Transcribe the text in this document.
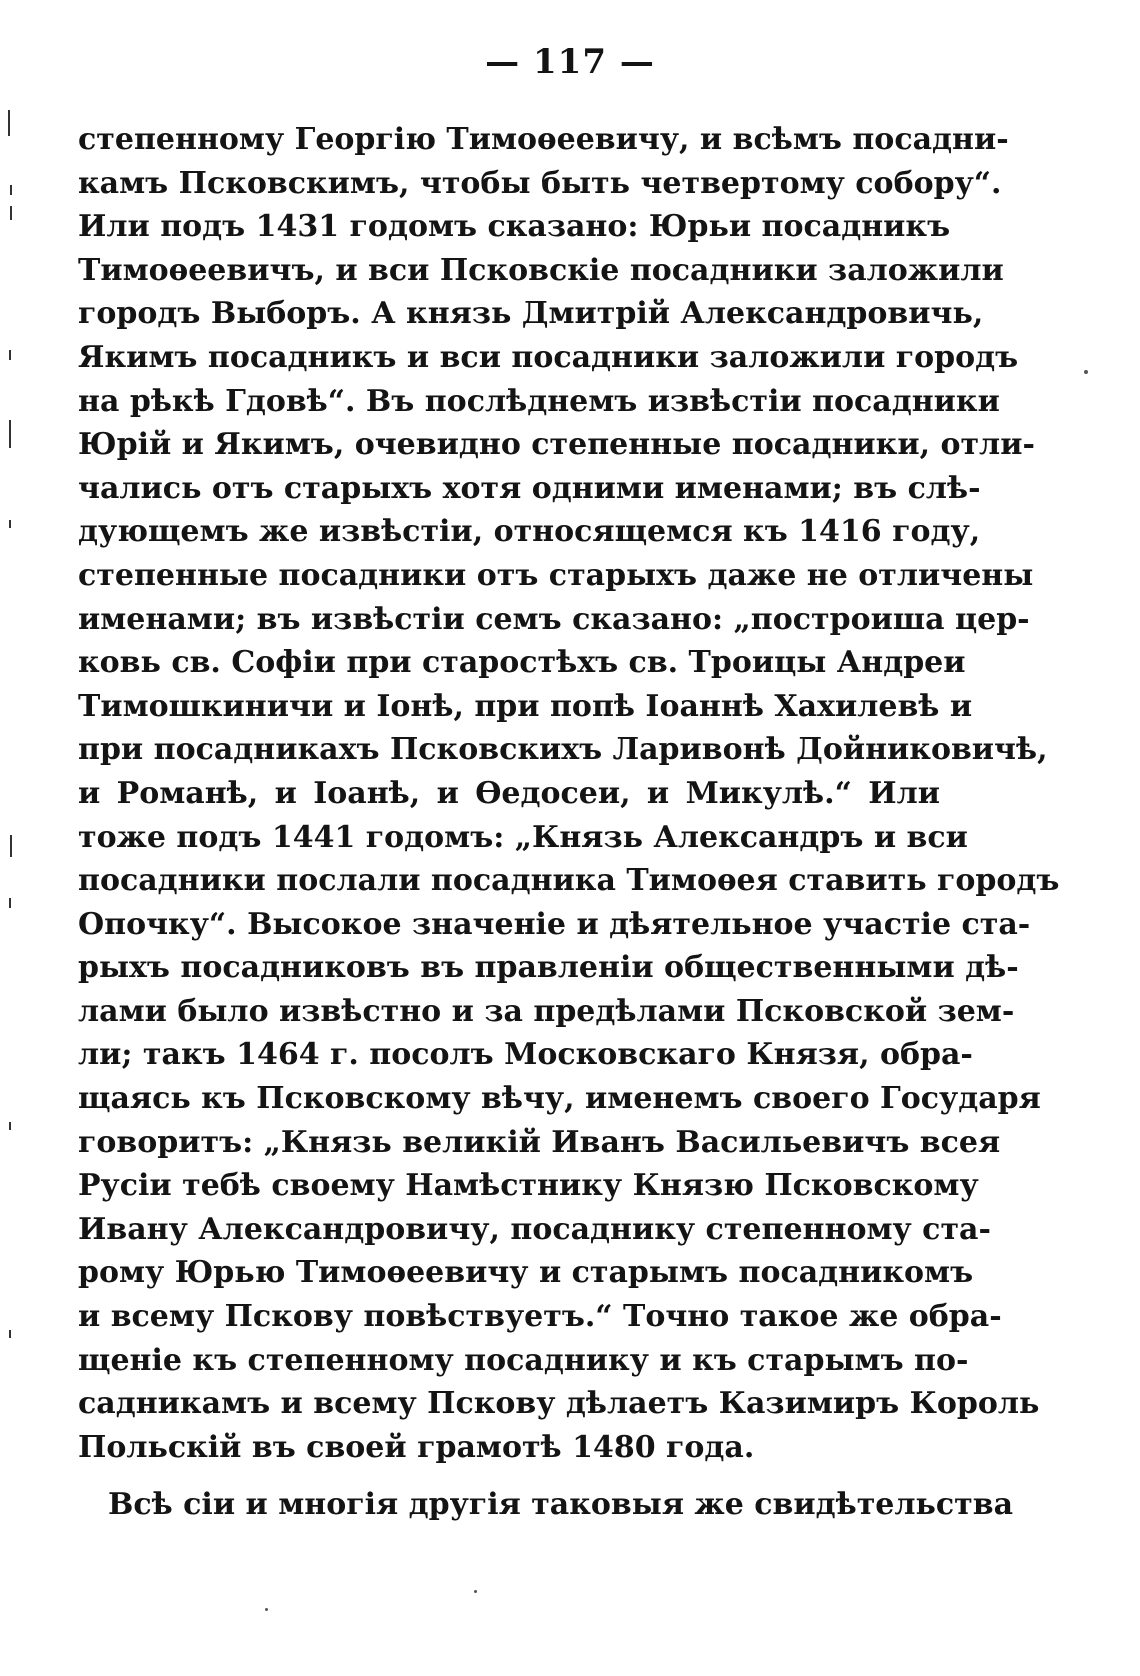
— 117 —
степенному Георгію Тимоѳеевичу, и всѣмъ посадни-
камъ Псковскимъ, чтобы быть четвертому собору“.
Или подъ 1431 годомъ сказано: Юрьи посадникъ
Тимоѳеевичъ, и вси Псковскіе посадники заложили
городъ Выборъ. А князь Дмитрій Александровичь,
Якимъ посадникъ и вси посадники заложили городъ
на рѣкѣ Гдовѣ“. Въ послѣднемъ извѣстіи посадники
Юрій и Якимъ, очевидно степенные посадники, отли-
чались отъ старыхъ хотя одними именами; въ слѣ-
дующемъ же извѣстіи, относящемся къ 1416 году,
степенные посадники отъ старыхъ даже не отличены
именами; въ извѣстіи семъ сказано: „построиша цер-
ковь св. Софіи при старостѣхъ св. Троицы Андреи
Тимошкиничи и Іонѣ, при попѣ Іоаннѣ Хахилевѣ и
при посадникахъ Псковскихъ Ларивонѣ Дойниковичѣ,
и Романѣ, и Іоанѣ, и Ѳедосеи, и Микулѣ.“ Или
тоже подъ 1441 годомъ: „Князь Александръ и вси
посадники послали посадника Тимоѳея ставить городъ
Опочку“. Высокое значеніе и дѣятельное участіе ста-
рыхъ посадниковъ въ правленіи общественными дѣ-
лами было извѣстно и за предѣлами Псковской зем-
ли; такъ 1464 г. посолъ Московскаго Князя, обра-
щаясь къ Псковскому вѣчу, именемъ своего Государя
говоритъ: „Князь великій Иванъ Васильевичъ всея
Русіи тебѣ своему Намѣстнику Князю Псковскому
Ивану Александровичу, посаднику степенному ста-
рому Юрью Тимоѳеевичу и старымъ посадникомъ
и всему Пскову повѣствуетъ.“ Точно такое же обра-
щеніе къ степенному посаднику и къ старымъ по-
садникамъ и всему Пскову дѣлаетъ Казимиръ Король
Польскій въ своей грамотѣ 1480 года.
Всѣ сіи и многія другія таковыя же свидѣтельства
